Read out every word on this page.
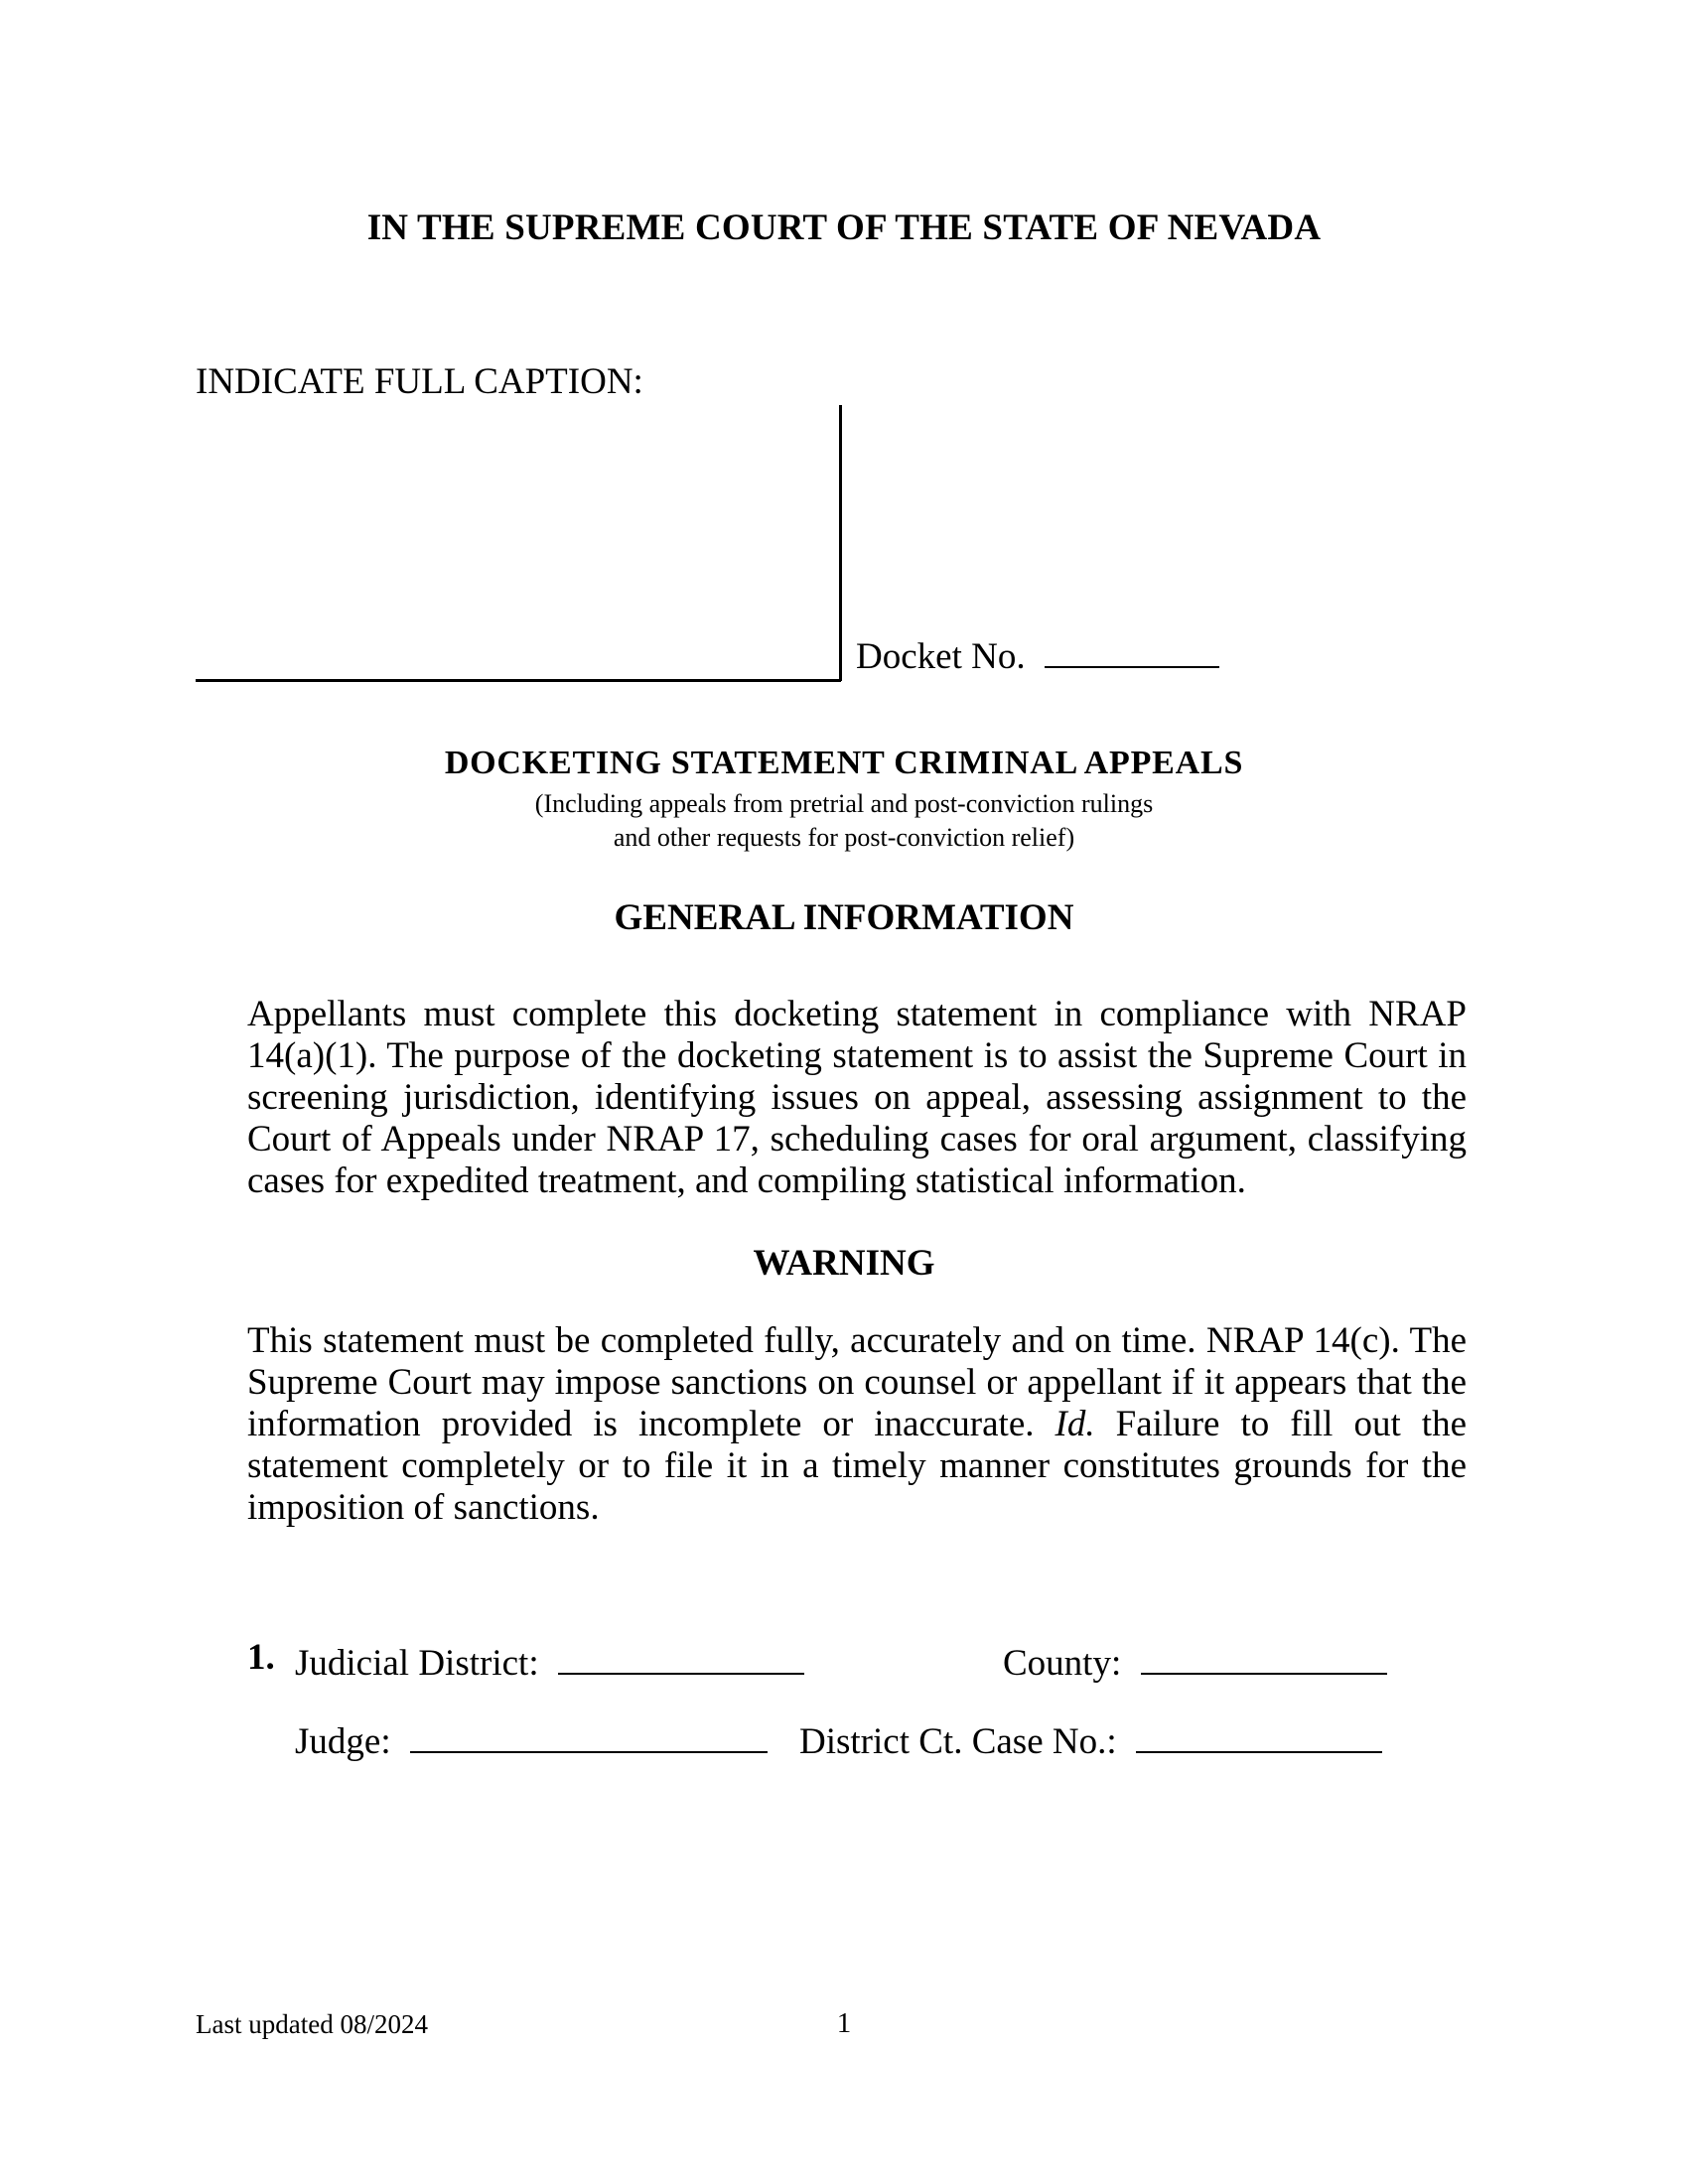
IN THE SUPREME COURT OF THE STATE OF NEVADA
INDICATE FULL CAPTION:
Docket No.
DOCKETING STATEMENT CRIMINAL APPEALS
(Including appeals from pretrial and post-conviction rulings
and other requests for post-conviction relief)
GENERAL INFORMATION
Appellants must complete this docketing statement in compliance with NRAP 14(a)(1). The purpose of the docketing statement is to assist the Supreme Court in screening jurisdiction, identifying issues on appeal, assessing assignment to the Court of Appeals under NRAP 17, scheduling cases for oral argument, classifying cases for expedited treatment, and compiling statistical information.
WARNING
This statement must be completed fully, accurately and on time. NRAP 14(c). The Supreme Court may impose sanctions on counsel or appellant if it appears that the information provided is incomplete or inaccurate. Id. Failure to fill out the statement completely or to file it in a timely manner constitutes grounds for the imposition of sanctions.
1. Judicial District:	County:
Judge:	District Ct. Case No.:
Last updated 08/2024	1
